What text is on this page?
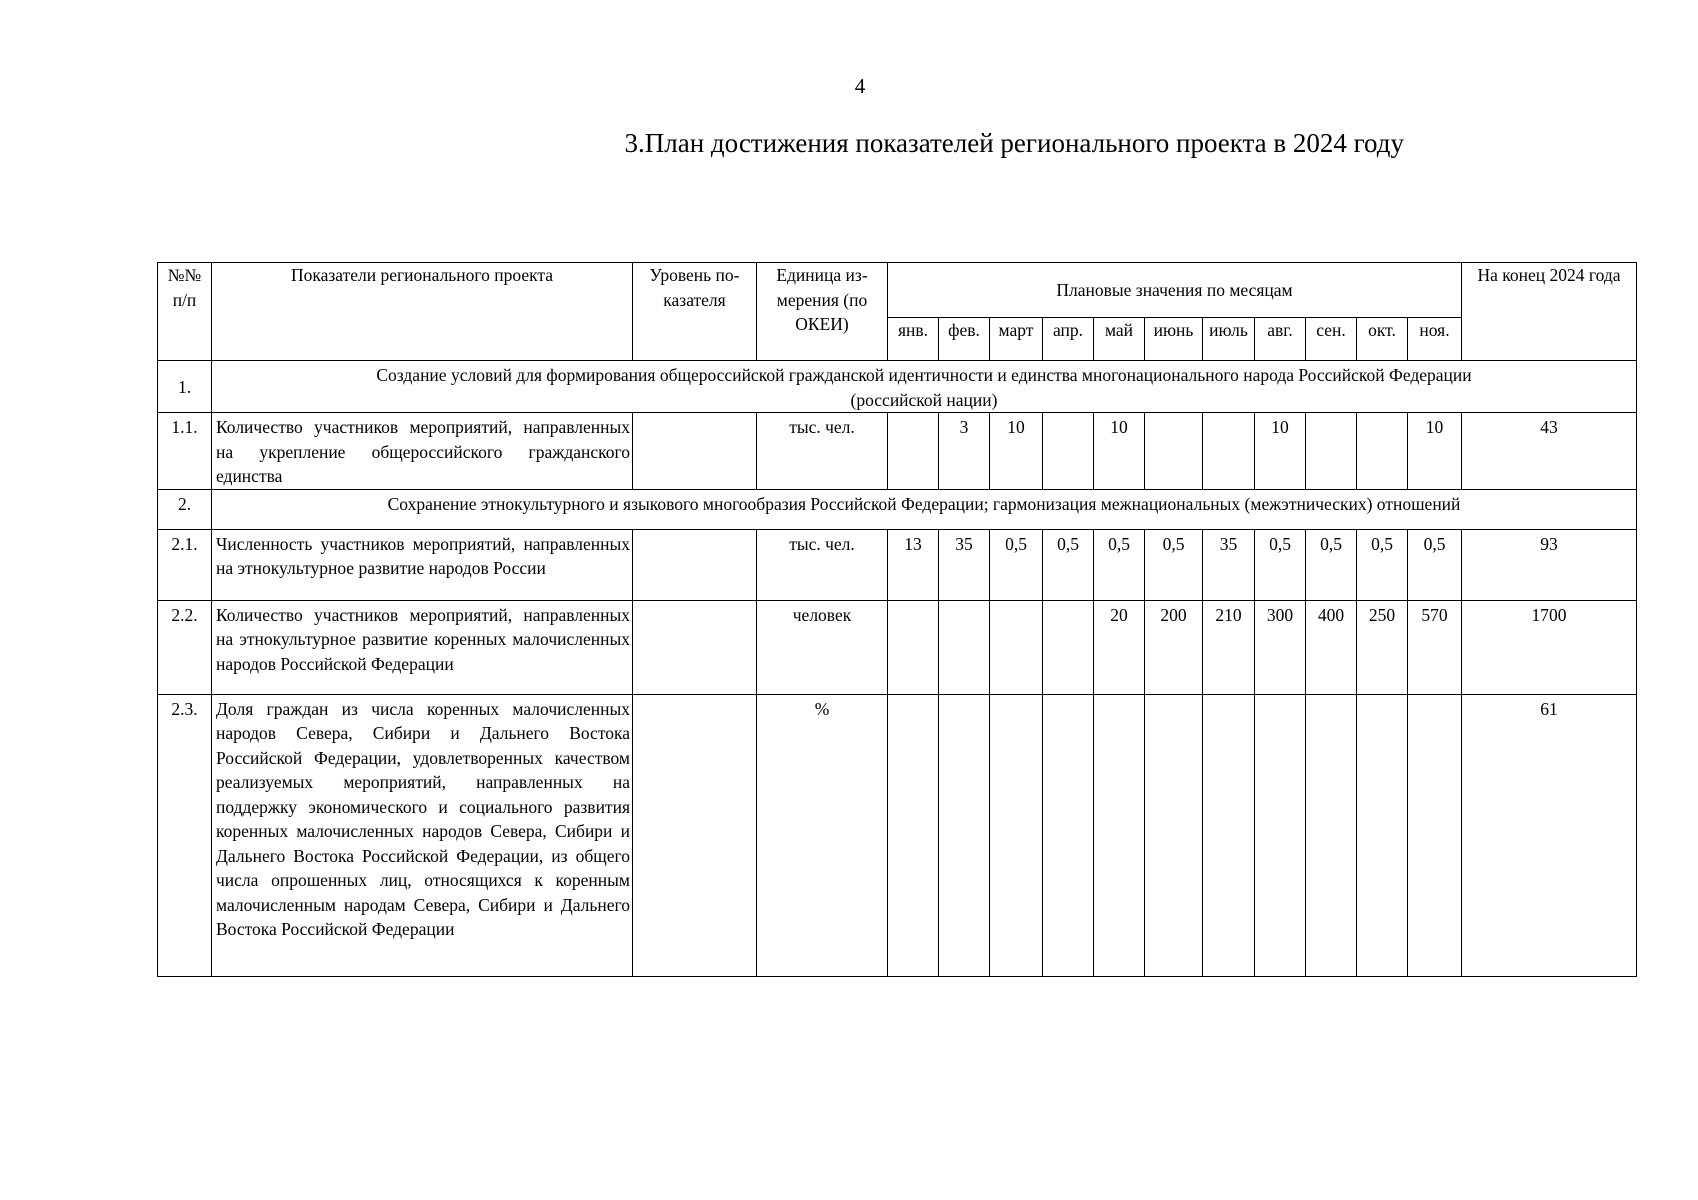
4
3.План достижения показателей регионального проекта в 2024 году
№№ п/п	Показатели регионального проекта	Уровень по-казателя	Единица из-мерения (по ОКЕИ)	Плановые значения по месяцам											На конец 2024 года
				янв.	фев.	март	апр.	май	июнь	июль	авг.	сен.	окт.	ноя.	
1.	Создание условий для формирования общероссийской гражданской идентичности и единства многонационального народа Российской Федерации (российской нации)														
1.1.	Количество участников мероприятий, направленных на укрепление общероссийского гражданского единства		тыс. чел.		3	10		10			10			10	43
2.	Сохранение этнокультурного и языкового многообразия Российской Федерации; гармонизация межнациональных (межэтнических) отношений														
2.1.	Численность участников мероприятий, направленных на этнокультурное развитие народов России		тыс. чел.	13	35	0,5	0,5	0,5	0,5	35	0,5	0,5	0,5	0,5	93
2.2.	Количество участников мероприятий, направленных на этнокультурное развитие коренных малочисленных народов Российской Федерации		человек					20	200	210	300	400	250	570	1700
2.3.	Доля граждан из числа коренных малочисленных народов Севера, Сибири и Дальнего Востока Российской Федерации, удовлетворенных качеством реализуемых мероприятий, направленных на поддержку экономического и социального развития коренных малочисленных народов Севера, Сибири и Дальнего Востока Российской Федерации, из общего числа опрошенных лиц, относящихся к коренным малочисленным народам Севера, Сибири и Дальнего Востока Российской Федерации		%												61
